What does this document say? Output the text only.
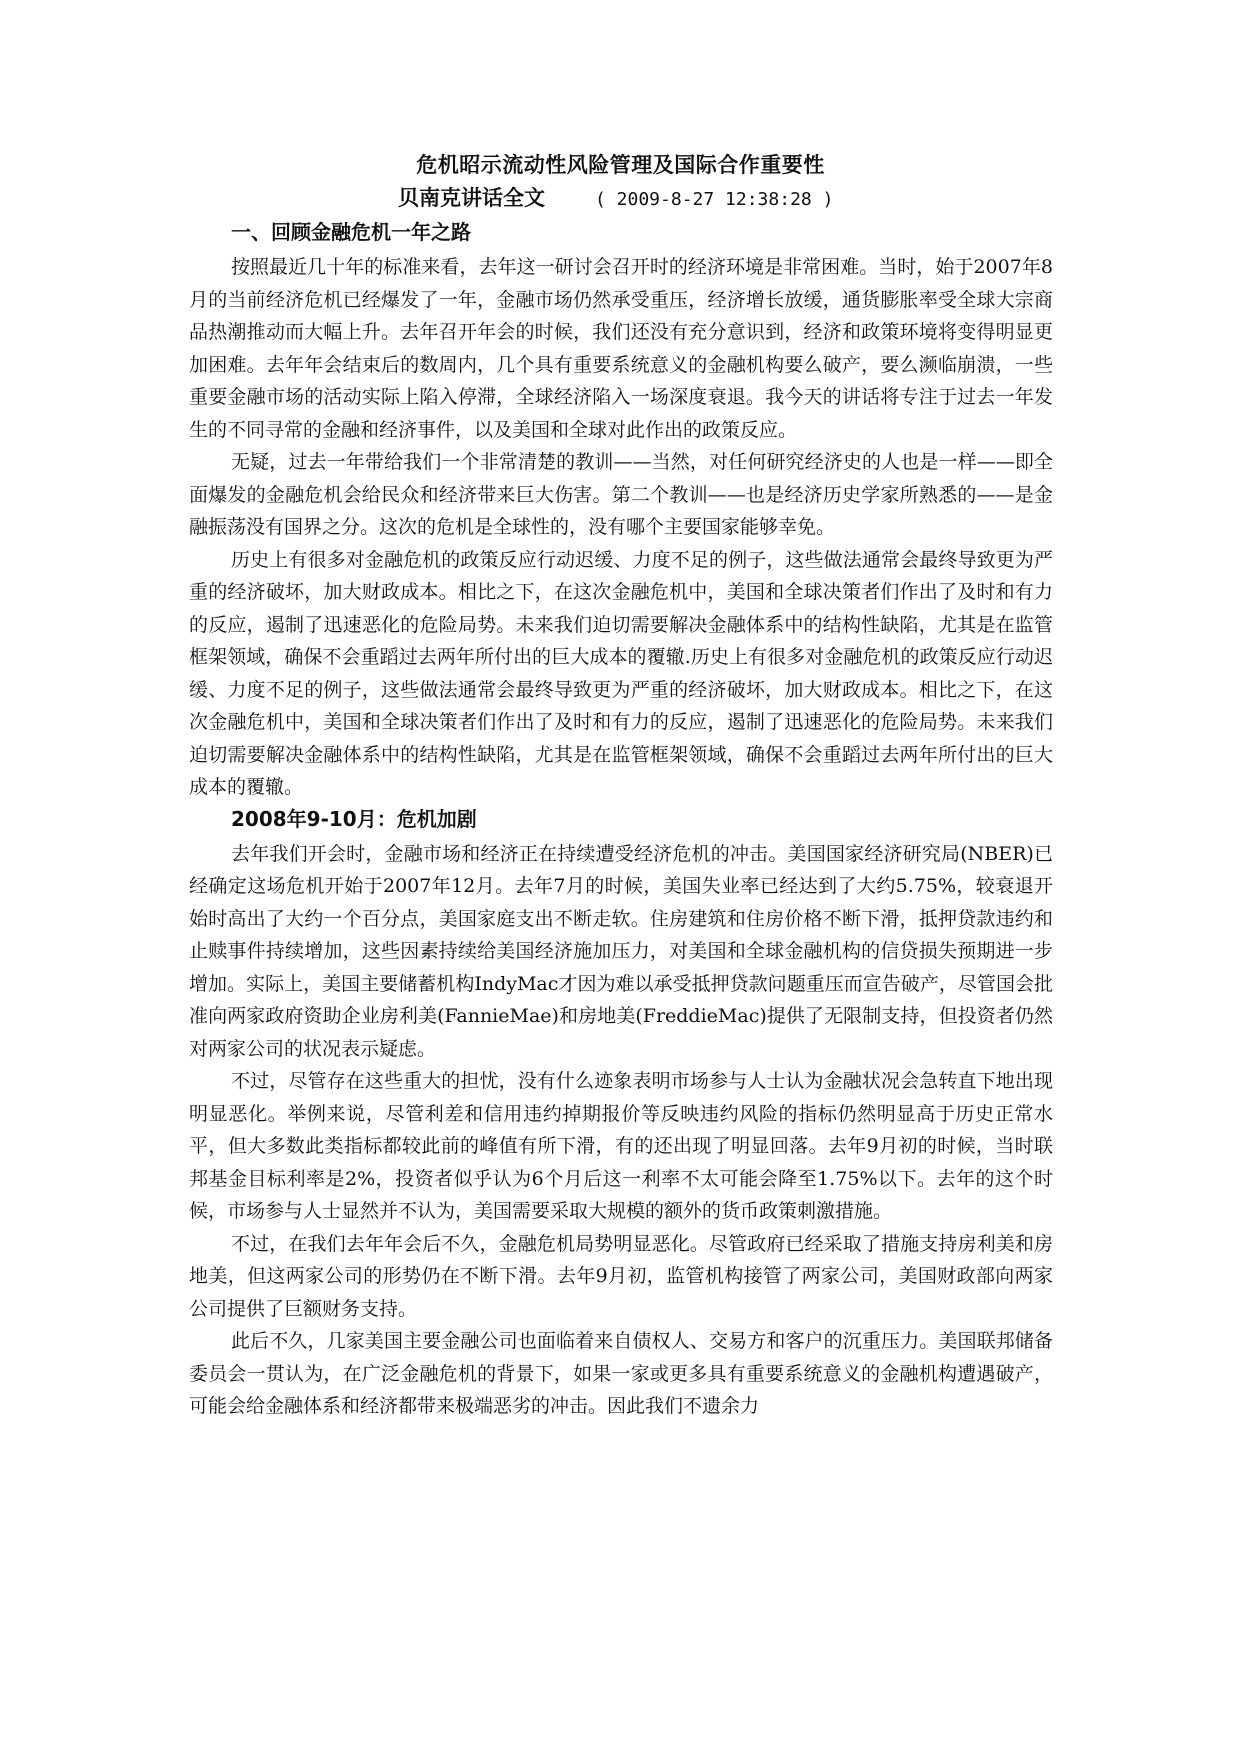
危机昭示流动性风险管理及国际合作重要性
贝南克讲话全文	( 2009-8-27 12:38:28 )
一、回顾金融危机一年之路

按照最近几十年的标准来看，去年这一研讨会召开时的经济环境是非常困难。当时，始于2007年8月的当前经济危机已经爆发了一年，金融市场仍然承受重压，经济增长放缓，通货膨胀率受全球大宗商品热潮推动而大幅上升。去年召开年会的时候，我们还没有充分意识到，经济和政策环境将变得明显更加困难。去年年会结束后的数周内，几个具有重要系统意义的金融机构要么破产，要么濒临崩溃，一些重要金融市场的活动实际上陷入停滞，全球经济陷入一场深度衰退。我今天的讲话将专注于过去一年发生的不同寻常的金融和经济事件，以及美国和全球对此作出的政策反应。

无疑，过去一年带给我们一个非常清楚的教训——当然，对任何研究经济史的人也是一样——即全面爆发的金融危机会给民众和经济带来巨大伤害。第二个教训——也是经济历史学家所熟悉的——是金融振荡没有国界之分。这次的危机是全球性的，没有哪个主要国家能够幸免。

历史上有很多对金融危机的政策反应行动迟缓、力度不足的例子，这些做法通常会最终导致更为严重的经济破坏，加大财政成本。相比之下，在这次金融危机中，美国和全球决策者们作出了及时和有力的反应，遏制了迅速恶化的危险局势。未来我们迫切需要解决金融体系中的结构性缺陷，尤其是在监管框架领域，确保不会重蹈过去两年所付出的巨大成本的覆辙.历史上有很多对金融危机的政策反应行动迟缓、力度不足的例子，这些做法通常会最终导致更为严重的经济破坏，加大财政成本。相比之下，在这次金融危机中，美国和全球决策者们作出了及时和有力的反应，遏制了迅速恶化的危险局势。未来我们迫切需要解决金融体系中的结构性缺陷，尤其是在监管框架领域，确保不会重蹈过去两年所付出的巨大成本的覆辙。

2008年9-10月：危机加剧

去年我们开会时，金融市场和经济正在持续遭受经济危机的冲击。美国国家经济研究局(NBER)已经确定这场危机开始于2007年12月。去年7月的时候，美国失业率已经达到了大约5.75%，较衰退开始时高出了大约一个百分点，美国家庭支出不断走软。住房建筑和住房价格不断下滑，抵押贷款违约和止赎事件持续增加，这些因素持续给美国经济施加压力，对美国和全球金融机构的信贷损失预期进一步增加。实际上，美国主要储蓄机构IndyMac才因为难以承受抵押贷款问题重压而宣告破产，尽管国会批准向两家政府资助企业房利美(FannieMae)和房地美(FreddieMac)提供了无限制支持，但投资者仍然对两家公司的状况表示疑虑。

不过，尽管存在这些重大的担忧，没有什么迹象表明市场参与人士认为金融状况会急转直下地出现明显恶化。举例来说，尽管利差和信用违约掉期报价等反映违约风险的指标仍然明显高于历史正常水平，但大多数此类指标都较此前的峰值有所下滑，有的还出现了明显回落。去年9月初的时候，当时联邦基金目标利率是2%，投资者似乎认为6个月后这一利率不太可能会降至1.75%以下。去年的这个时候，市场参与人士显然并不认为，美国需要采取大规模的额外的货币政策刺激措施。

不过，在我们去年年会后不久，金融危机局势明显恶化。尽管政府已经采取了措施支持房利美和房地美，但这两家公司的形势仍在不断下滑。去年9月初，监管机构接管了两家公司，美国财政部向两家公司提供了巨额财务支持。

此后不久，几家美国主要金融公司也面临着来自债权人、交易方和客户的沉重压力。美国联邦储备委员会一贯认为，在广泛金融危机的背景下，如果一家或更多具有重要系统意义的金融机构遭遇破产，可能会给金融体系和经济都带来极端恶劣的冲击。因此我们不遗余力
